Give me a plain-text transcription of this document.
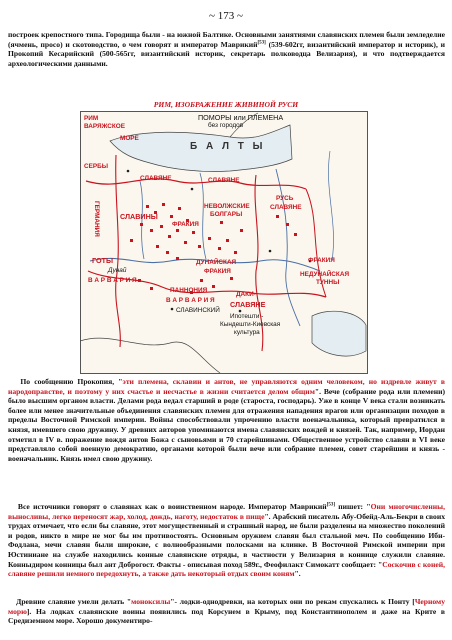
~ 173 ~

построек крепостного типа. Городища были - на южной Балтике. Основными занятиями славянских племен были земледелие (ячмень, просо) и скотоводство, о чем говорят и император Маврикий[53] (539-602гг, византийский император и историк), и Прокопий Кесарийский (500-565гг, византийский историк, секретарь полководца Велизария), и что подтверждается археологическими данными.

РИМ, ИЗОБРАЖЕНИЕ ЖИВИНОЙ РУСИ
РИМ
ВАРЯЖСКОЕ
ПОМОРЫ или ПЛЕМЕНА
без городов
МОРЕ
Б А Л Т Ы
СЕРБЫ
СЛАВЯНЕ	СЛАВЯНЕ
ГЕРМАНИЯ	СЛАВИНЫ
РУСЬ
СЛАВЯНЕ
НЕВОЛЖСКИЕ
БОЛГАРЫ
ГОТЫ	ДУНАЙСКАЯ
ФРАКИЯ
ФРАКИЯ
ФРАКИЯ
Дунай
ПАННОНИЯ
НЕДУНАЙСКАЯ
В А Р В А Р И Я
В А Р В А Р И Я
СЛАВИНСКИЙ
ДАКИ-
СЛАВЯНЕ
ТУННЫ
Ипотешти -
Кындешти-Киевская
культура

По сообщению Прокопия, "эти племена, склавин и антов, не управляются одним человеком, но издревле живут в народоправстве, и поэтому у них счастье и несчастье в жизни считается делом общим". Вече (собрание рода или племени) было высшим органом власти. Делами рода ведал старший в роде (староста, господарь). Уже в конце V века стали возникать более или менее значительные объединения славянских племен для отражения нападения врагов или организации походов в пределы Восточной Римской империи. Войны способствовали упрочению власти военачальника, который превратился в князя, имевшего свою дружину. У древних авторов упоминаются имена славянских вождей и князей. Так, например, Иордан отметил в IV в. поражение вождя антов Божа с сыновьями и 70 старейшинами. Общественное устройство славян в VI веке представляло собой военную демократию, органами которой были вече или собрание племен, совет старейшин и князь - военачальник. Князь имел свою дружину.

Все источники говорят о славянах как о воинственном народе. Император Маврикий[53] пишет: "Они многочисленны, выносливы, легко переносят жар, холод, дождь, наготу, недостаток в пище". Арабский писатель Абу-Обейд-Аль-Бекри в своих трудах отмечает, что если бы славяне, этот могущественный и страшный народ, не были разделены на множество поколений и родов, никто в мире не мог бы им противостоять. Основным оружием славян был стальной меч. По сообщению Ибн-Фодлана, мечи славян были широкие, с волнообразными полосками на клинке. В Восточной Римской империи при Юстиниане на службе находились конные славянские отряды, в частности у Велизария в коннице служили славяне. Конныдиром конницы был ант Доброгост. Факты - описывая поход 589г., Феофилакт Симокатт сообщает: "Соскочив с коней, славяне решили немного передохнуть, а также дать некоторый отдых своим коням".

Древние славяне умели делать "моноксилы"- лодки-однодревки, на которых они по рекам спускались к Понту [Черному морю]. На лодках славянские воины появились под Корсунем в Крыму, под Константинополем и даже на Крите в Средиземном море. Хорошо документиро-
